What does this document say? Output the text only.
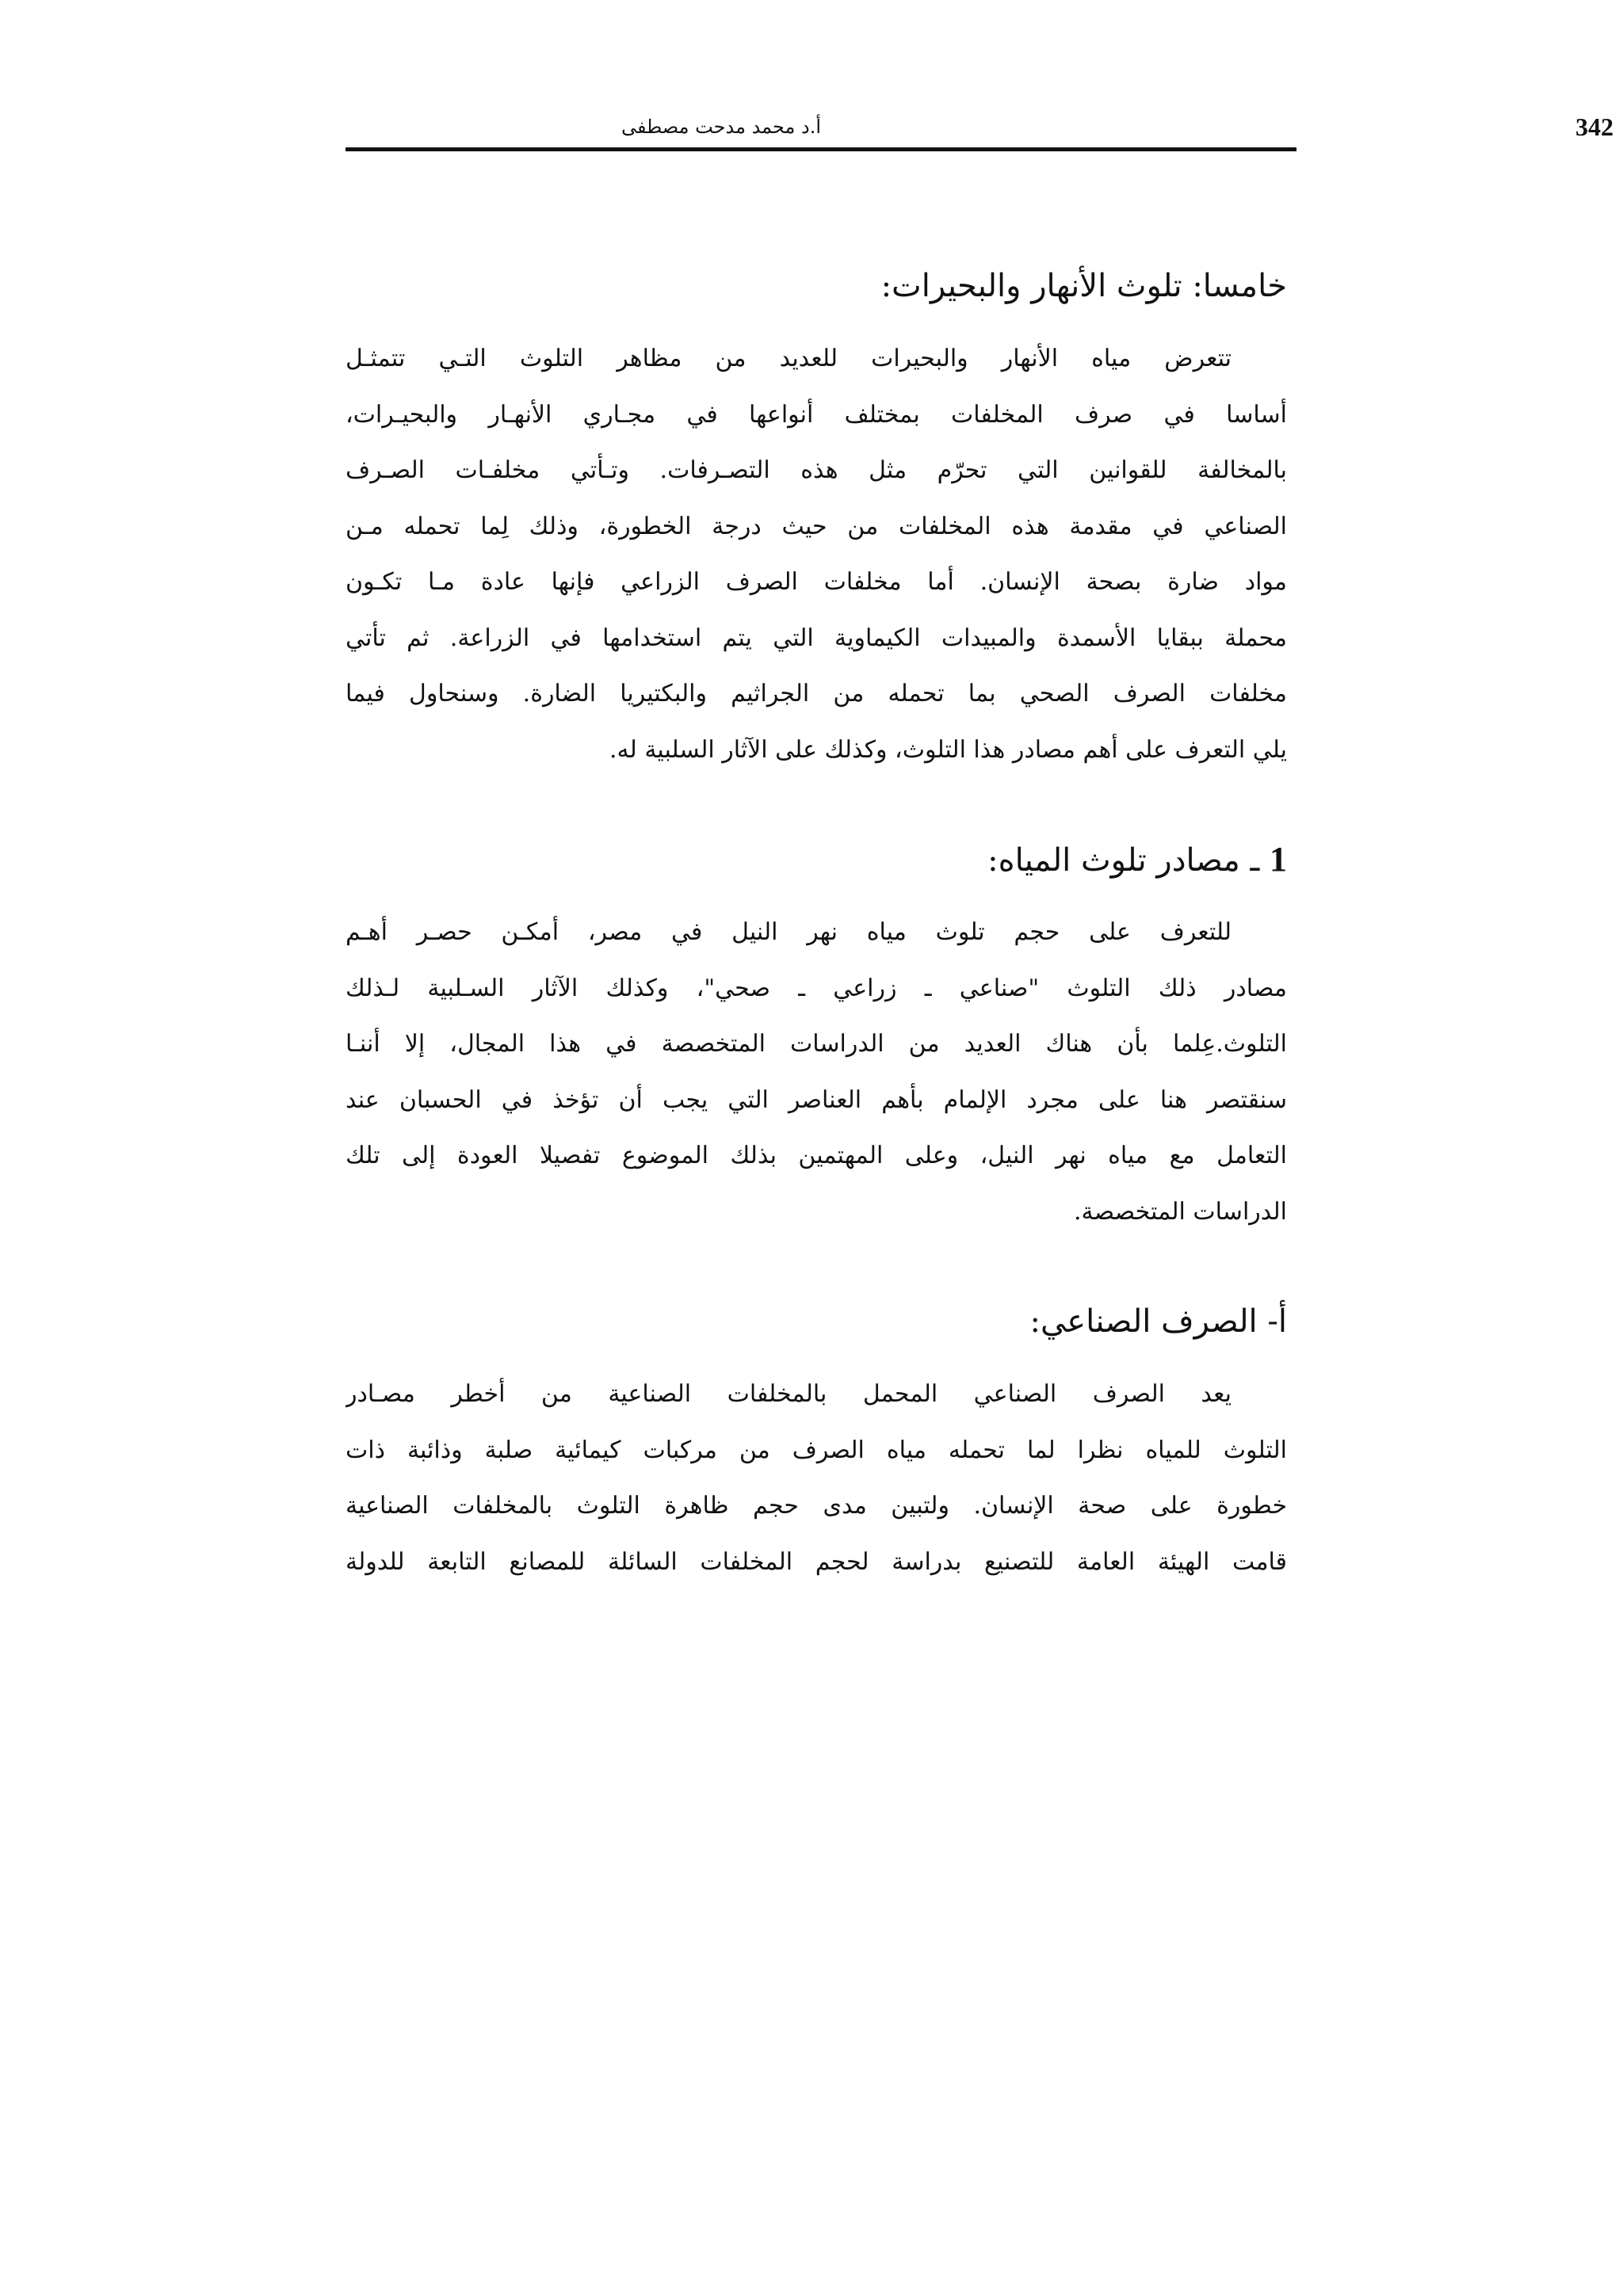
أ.د محمد مدحت مصطفى	342
خامسا: تلوث الأنهار والبحيرات:
تتعرض مياه الأنهار والبحيرات للعديد من مظاهر التلوث التـي تتمثـل
أساسا في صرف المخلفات بمختلف أنواعها في مجـاري الأنهـار والبحيـرات،
بالمخالفة للقوانين التي تحرّم مثل هذه التصـرفات. وتـأتي مخلفـات الصـرف
الصناعي في مقدمة هذه المخلفات من حيث درجة الخطورة، وذلك لِما تحمله مـن
مواد ضارة بصحة الإنسان. أما مخلفات الصرف الزراعي فإنها عادة مـا تكـون
محملة ببقايا الأسمدة والمبيدات الكيماوية التي يتم استخدامها في الزراعة. ثم تأتي
مخلفات الصرف الصحي بما تحمله من الجراثيم والبكتيريا الضارة. وسنحاول فيما
يلي التعرف على أهم مصادر هذا التلوث، وكذلك على الآثار السلبية له.
1 ـ مصادر تلوث المياه:
للتعرف على حجم تلوث مياه نهر النيل في مصر، أمكـن حصـر أهـم
مصادر ذلك التلوث "صناعي ـ زراعي ـ صحي"، وكذلك الآثار السـلبية لـذلك
التلوث.عِلما بأن هناك العديد من الدراسات المتخصصة في هذا المجال، إلا أننـا
سنقتصر هنا على مجرد الإلمام بأهم العناصر التي يجب أن تؤخذ في الحسبان عند
التعامل مع مياه نهر النيل، وعلى المهتمين بذلك الموضوع تفصيلا العودة إلى تلك
الدراسات المتخصصة.
أ- الصرف الصناعي:
يعد الصرف الصناعي المحمل بالمخلفات الصناعية من أخطر مصـادر
التلوث للمياه نظرا لما تحمله مياه الصرف من مركبات كيمائية صلبة وذائبة ذات
خطورة على صحة الإنسان. ولتبين مدى حجم ظاهرة التلوث بالمخلفات الصناعية
قامت الهيئة العامة للتصنيع بدراسة لحجم المخلفات السائلة للمصانع التابعة للدولة
